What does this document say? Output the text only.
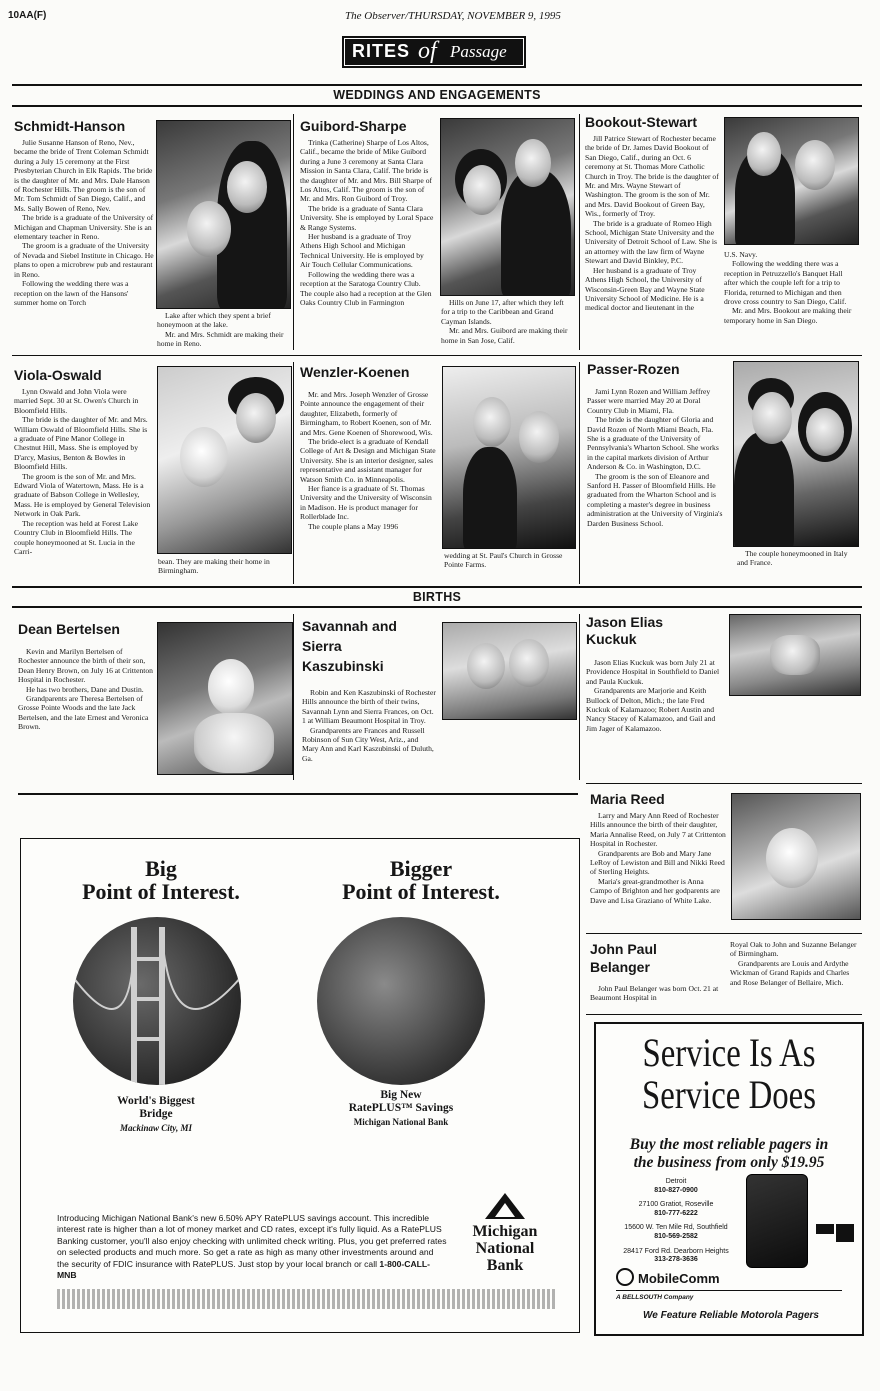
10AA(F)	The Observer/THURSDAY, NOVEMBER 9, 1995
RITES of Passage
WEDDINGS AND ENGAGEMENTS
Schmidt-Hanson

Julie Susanne Hanson of Reno, Nev., became the bride of Trent Coleman Schmidt during a July 15 ceremony at the First Presbyterian Church in Elk Rapids. The bride is the daughter of Mr. and Mrs. Dale Hanson of Rochester Hills. The groom is the son of Mr. Tom Schmidt of San Diego, Calif., and Ms. Sally Bowen of Reno, Nev.

The bride is a graduate of the University of Michigan and Chapman University. She is an elementary teacher in Reno.

The groom is a graduate of the University of Nevada and Siebel Institute in Chicago. He plans to open a microbrew pub and restaurant in Reno.

Following the wedding there was a reception on the lawn of the Hansons' summer home on Torch

Lake after which they spent a brief honeymoon at the lake.

Mr. and Mrs. Schmidt are making their home in Reno.

Guibord-Sharpe

Trinka (Catherine) Sharpe of Los Altos, Calif., became the bride of Mike Guibord during a June 3 ceremony at Santa Clara Mission in Santa Clara, Calif. The bride is the daughter of Mr. and Mrs. Bill Sharpe of Los Altos, Calif. The groom is the son of Mr. and Mrs. Ron Guibord of Troy.

The bride is a graduate of Santa Clara University. She is employed by Loral Space & Range Systems.

Her husband is a graduate of Troy Athens High School and Michigan Technical University. He is employed by Air Touch Cellular Communications.

Following the wedding there was a reception at the Saratoga Country Club. The couple also had a reception at the Glen Oaks Country Club in Farmington	Hills on June 17, after which they left for a trip to the Caribbean and Grand Cayman Islands.

Mr. and Mrs. Guibord are making their home in San Jose, Calif.

Bookout-Stewart

Jill Patrice Stewart of Rochester became the bride of Dr. James David Bookout of San Diego, Calif., during an Oct. 6 ceremony at St. Thomas More Catholic Church in Troy. The bride is the daughter of Mr. and Mrs. Wayne Stewart of Washington. The groom is the son of Mr. and Mrs. David Bookout of Green Bay, Wis., formerly of Troy.

The bride is a graduate of Romeo High School, Michigan State University and the University of Detroit School of Law. She is an attorney with the law firm of Wayne Stewart and David Binkley, P.C.

Her husband is a graduate of Troy Athens High School, the University of Wisconsin-Green Bay and Wayne State University School of Medicine. He is a medical doctor and lieutenant in the

U.S. Navy.

Following the wedding there was a reception in Petruzzello's Banquet Hall after which the couple left for a trip to Florida, returned to Michigan and then drove cross country to San Diego, Calif.

Mr. and Mrs. Bookout are making their temporary home in San Diego.

Viola-Oswald

Lynn Oswald and John Viola were married Sept. 30 at St. Owen's Church in Bloomfield Hills.

The bride is the daughter of Mr. and Mrs. William Oswald of Bloomfield Hills. She is a graduate of Pine Manor College in Chestnut Hill, Mass. She is employed by D'arcy, Masius, Benton & Bowles in Bloomfield Hills.

The groom is the son of Mr. and Mrs. Edward Viola of Watertown, Mass. He is a graduate of Babson College in Wellesley, Mass. He is employed by General Television Network in Oak Park.

The reception was held at Forest Lake Country Club in Bloomfield Hills. The couple honeymooned at St. Lucia in the Carri-

bean. They are making their home in Birmingham.

Wenzler-Koenen

Mr. and Mrs. Joseph Wenzler of Grosse Pointe announce the engagement of their daughter, Elizabeth, formerly of Birmingham, to Robert Koenen, son of Mr. and Mrs. Gene Koenen of Shorewood, Wis.

The bride-elect is a graduate of Kendall College of Art & Design and Michigan State University. She is an interior designer, sales representative and assistant manager for Watson Smith Co. in Minneapolis.

Her fiance is a graduate of St. Thomas University and the University of Wisconsin in Madison. He is product manager for Rollerblade Inc.

The couple plans a May 1996

wedding at St. Paul's Church in Grosse Pointe Farms.

Passer-Rozen

Jami Lynn Rozen and William Jeffrey Passer were married May 20 at Doral Country Club in Miami, Fla.

The bride is the daughter of Gloria and David Rozen of North Miami Beach, Fla. She is a graduate of the University of Pennsylvania's Wharton School. She works in the capital markets division of Arthur Anderson & Co. in Washington, D.C.

The groom is the son of Eleanore and Sanford H. Passer of Bloomfield Hills. He graduated from the Wharton School and is completing a master's degree in business administration at the University of Virginia's Darden Business School.

The couple honeymooned in Italy and France.

BIRTHS
Dean Bertelsen

Kevin and Marilyn Bertelsen of Rochester announce the birth of their son, Dean Henry Brown, on July 16 at Crittenton Hospital in Rochester.

He has two brothers, Dane and Dustin.

Grandparents are Theresa Bertelsen of Grosse Pointe Woods and the late Jack Bertelsen, and the late Ernest and Veronica Brown.

Savannah and
Sierra
Kaszubinski

Robin and Ken Kaszubinski of Rochester Hills announce the birth of their twins, Savannah Lynn and Sierra Frances, on Oct. 1 at William Beaumont Hospital in Troy.

Grandparents are Frances and Russell Robinson of Sun City West, Ariz., and Mary Ann and Karl Kaszubinski of Duluth, Ga.

Jason Elias
Kuckuk

Jason Elias Kuckuk was born July 21 at Providence Hospital in Southfield to Daniel and Paula Kuckuk.

Grandparents are Marjorie and Keith Bullock of Delton, Mich.; the late Fred Kuckuk of Kalamazoo; Robert Austin and Nancy Stacey of Kalamazoo, and Gail and Jim Jager of Kalamazoo.

Maria Reed

Larry and Mary Ann Reed of Rochester Hills announce the birth of their daughter, Maria Annalise Reed, on July 7 at Crittenton Hospital in Rochester.

Grandparents are Bob and Mary Jane LeRoy of Lewiston and Bill and Nikki Reed of Sterling Heights.

Maria's great-grandmother is Anna Campo of Brighton and her godparents are Dave and Lisa Graziano of White Lake.

John Paul
Belanger

John Paul Belanger was born Oct. 21 at Beaumont Hospital in

Royal Oak to John and Suzanne Belanger of Birmingham.

Grandparents are Louis and Ardythe Wickman of Grand Rapids and Charles and Rose Belanger of Bellaire, Mich.

Big
Point of Interest.
Bigger
Point of Interest.
World's Biggest
Bridge
Mackinaw City, MI
Big New
RatePLUS™ Savings
Michigan National Bank
Introducing Michigan National Bank's new 6.50% APY RatePLUS savings account. This incredible interest rate is higher than a lot of money market and CD rates, except it's fully liquid. As a RatePLUS Banking customer, you'll also enjoy checking with unlimited check writing. Plus, you get preferred rates on selected products and much more. So get a rate as high as many other investments around and the security of FDIC insurance with RatePLUS. Just stop by your local branch or call 1-800-CALL-MNB
Michigan
National
Bank
Service Is As
Service Does
Buy the most reliable pagers in
the business from only $19.95
Detroit
810-827-0900
27100 Gratiot, Roseville
810-777-6222
15600 W. Ten Mile Rd, Southfield
810-569-2582
28417 Ford Rd. Dearborn Heights
313-278-3636
MobileComm
A BELLSOUTH Company
We Feature Reliable Motorola Pagers
